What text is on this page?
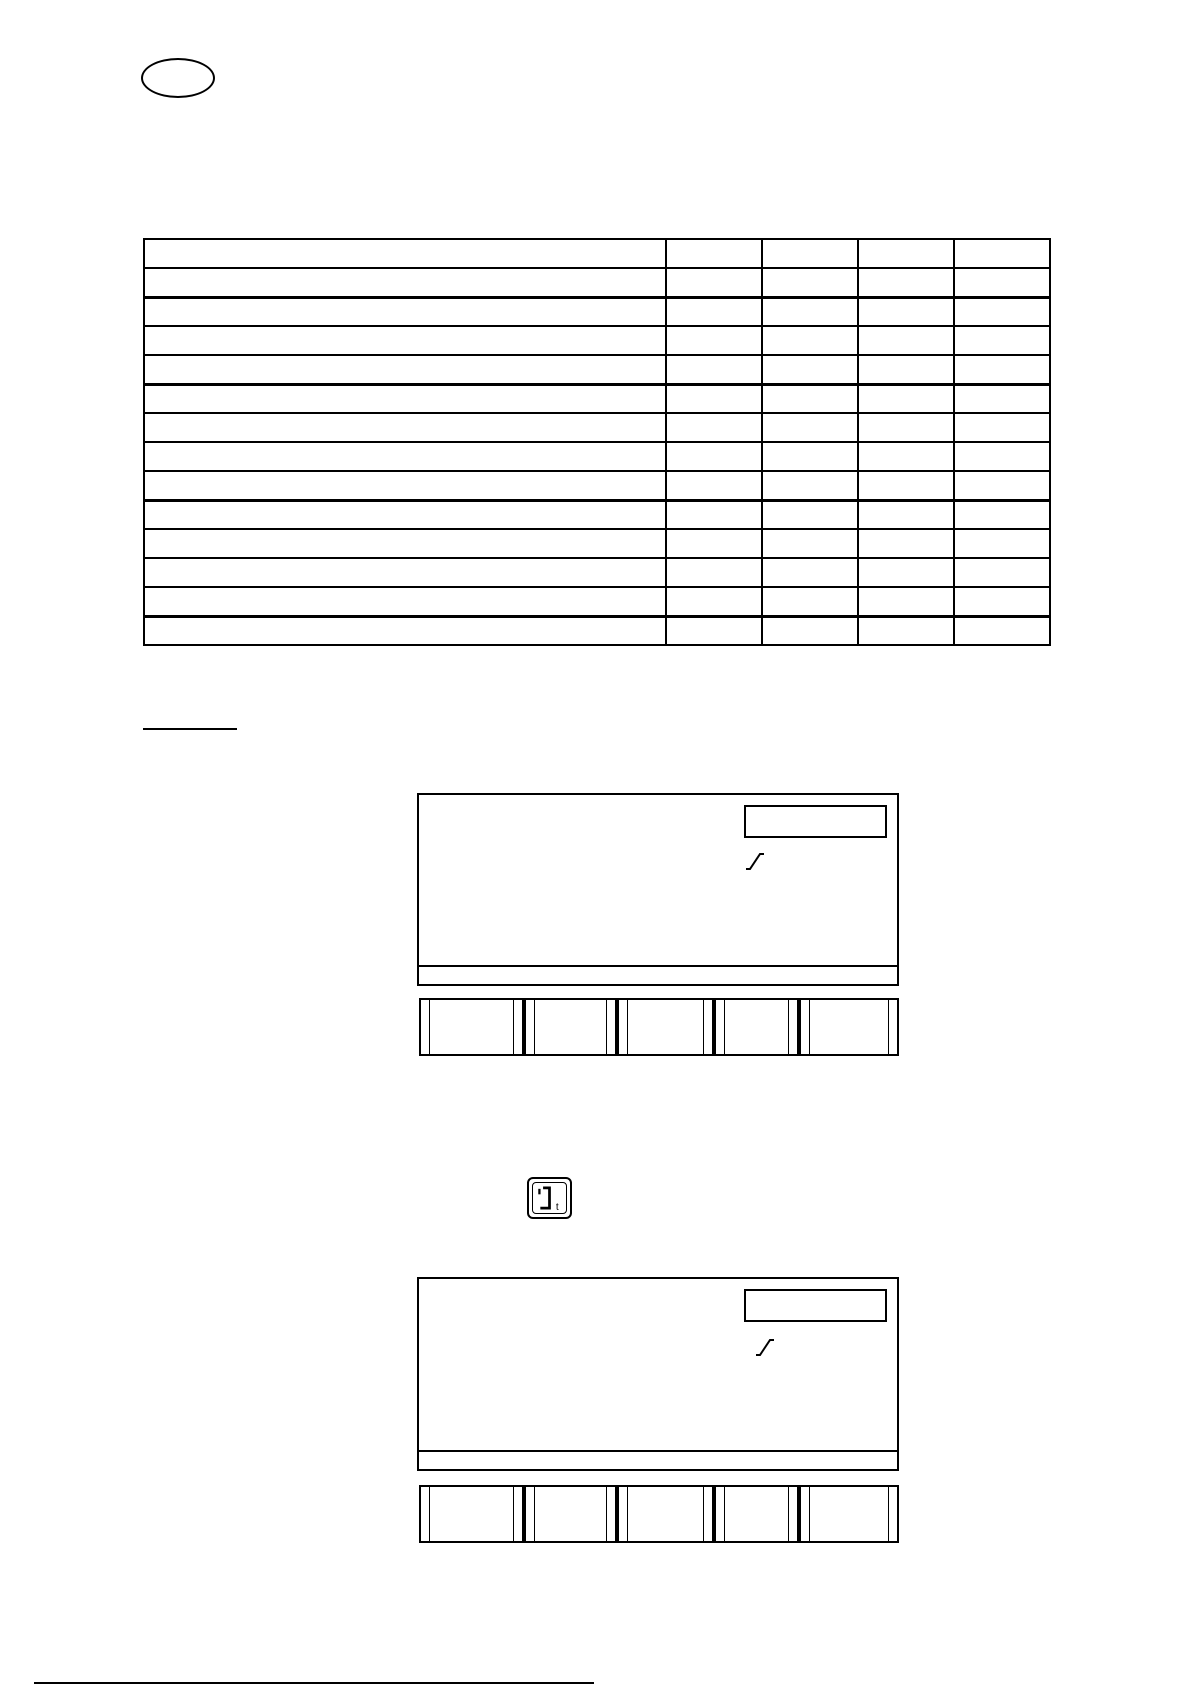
t
